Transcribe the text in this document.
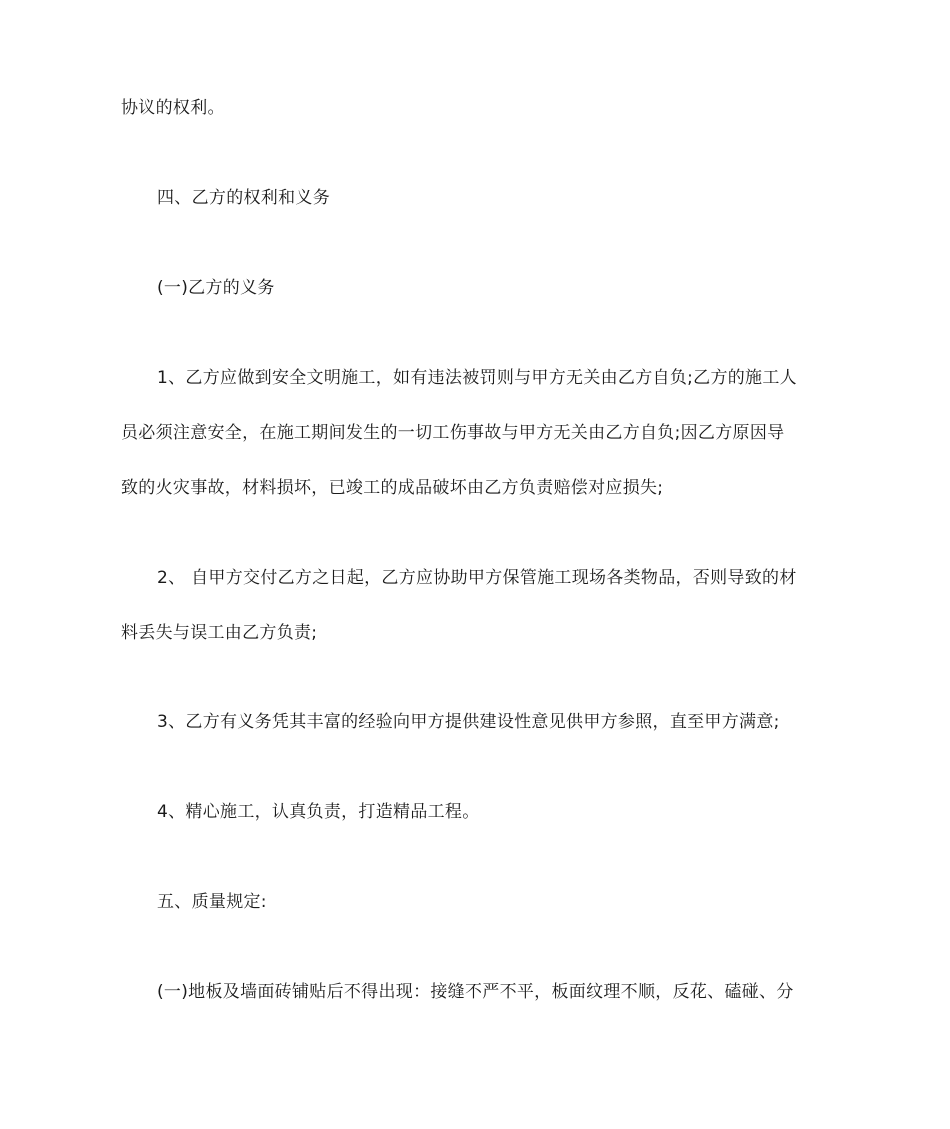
协议的权利。
四、乙方的权利和义务
(一)乙方的义务
1、乙方应做到安全文明施工，如有违法被罚则与甲方无关由乙方自负;乙方的施工人
员必须注意安全，在施工期间发生的一切工伤事故与甲方无关由乙方自负;因乙方原因导
致的火灾事故，材料损坏，已竣工的成品破坏由乙方负责赔偿对应损失;
2、 自甲方交付乙方之日起，乙方应协助甲方保管施工现场各类物品，否则导致的材
料丢失与误工由乙方负责;
3、乙方有义务凭其丰富的经验向甲方提供建设性意见供甲方参照，直至甲方满意;
4、精心施工，认真负责，打造精品工程。
五、质量规定:
(一)地板及墙面砖铺贴后不得出现：接缝不严不平，板面纹理不顺，反花、磕碰、分
